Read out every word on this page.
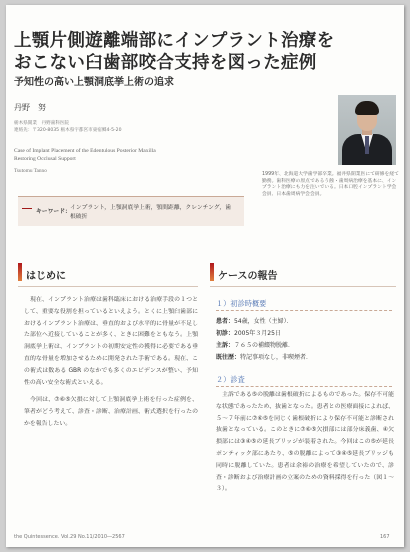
上顎片側遊離端部にインプラント治療を
おこない臼歯部咬合支持を図った症例
予知性の高い上顎洞底挙上術の追求
丹野　努
栃木県開業　丹野歯科医院
連絡先：〒320-8035 栃木県宇都宮市東宿郷4-5-20
Case of Implant Placement of the Edentulous Posterior Maxilla
Restoring Occlusal Support
Tsutomu Tanno
1999年、北海道大学歯学部卒業。福井県開業医にて研修を経て勤務。歯科医療の原点であるう蝕・歯周病治療を基本に、インプラント治療にも力を注いでいる。日本口腔インプラント学会会員、日本歯周病学会会員。
キーワード：
インプラント，上顎洞底挙上術，顎間距離，クレンチング，歯根破折
はじめに	ケースの報告

現在、インプラント治療は歯科臨床における治療手段の１つとして、重要な役割を担っているといえよう。とくに上顎臼歯部におけるインプラント治療は、垂直的および水平的に骨量が不足した部位へ近接していることが多く、ときに困難をともなう。上顎洞底挙上術は、インプラントの初期安定性の獲得に必要である垂直的な骨量を増加させるために開発された手術である。現在、この術式は数ある GBR のなかでも多くのエビデンスが整い、予知性の高い安全な術式といえる。

今回は、⑦⑥⑤欠損に対して上顎洞底挙上術を行った症例を、筆者がどう考えて、診査・診断、治療計画、術式選択を行ったのかを報告したい。

１）初診時概要
患者：54歳，女性（主婦）．
初診：2005年３月25日
主訴：７６５の補綴物脱離．
既往歴：特記事項なし，非喫煙者．
２）診査

主訴である⑤の脱離は歯根破折によるものであった。保存不可能な状態であったため、抜歯となった。患者との医療面接によれば、５〜７年前に⑦⑥⑤を同じく歯根破折により保存不可能と診断され抜歯となっている。このときに⑦⑥⑤欠損部には部分床義歯、④欠損部には③④⑤の延長ブリッジが装着された。今回はこの⑤が延長ポンティック部にあたり、⑤の脱離によって③④⑤延長ブリッジも同時に脱離していた。患者は余裕の治療を希望していたので、診査・診断および治療計画の立案のための資料採得を行った（図１〜３）。

the Quintessence. Vol.29 No.11/2010―2567	167
